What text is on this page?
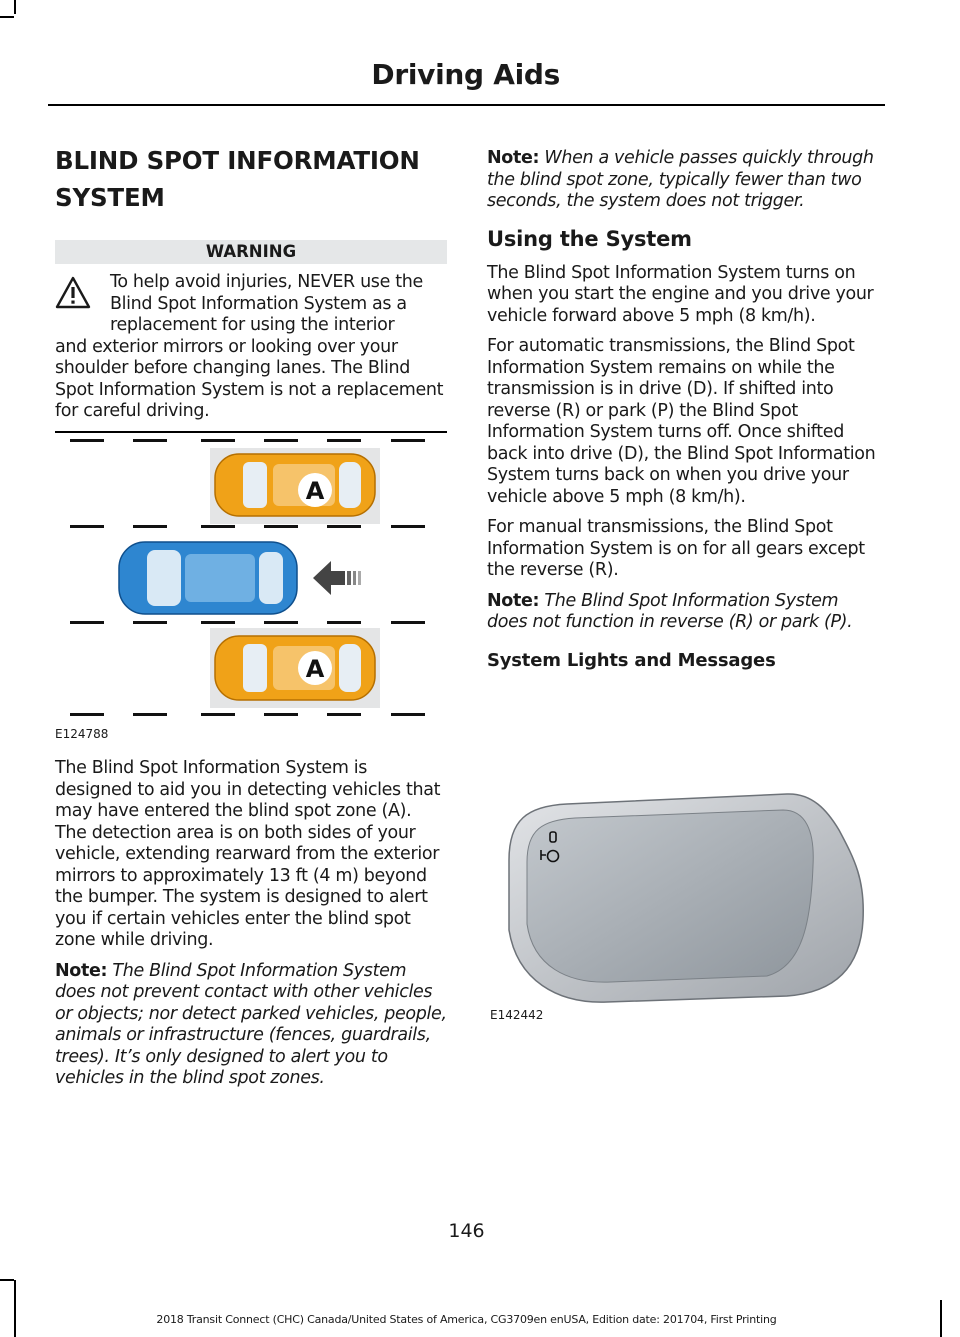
Driving Aids
BLIND SPOT INFORMATION
SYSTEM
WARNING
To help avoid injuries, NEVER use the Blind Spot Information System as a replacement for using the interior
and exterior mirrors or looking over your shoulder before changing lanes. The Blind Spot Information System is not a replacement for careful driving.
A
A
E124788

The Blind Spot Information System is designed to aid you in detecting vehicles that may have entered the blind spot zone (A). The detection area is on both sides of your vehicle, extending rearward from the exterior mirrors to approximately 13 ft (4 m) beyond the bumper. The system is designed to alert you if certain vehicles enter the blind spot zone while driving.

Note: The Blind Spot Information System does not prevent contact with other vehicles or objects; nor detect parked vehicles, people, animals or infrastructure (fences, guardrails, trees). It’s only designed to alert you to vehicles in the blind spot zones.

Note: When a vehicle passes quickly through the blind spot zone, typically fewer than two seconds, the system does not trigger.

Using the System

The Blind Spot Information System turns on when you start the engine and you drive your vehicle forward above 5 mph (8 km/h).

For automatic transmissions, the Blind Spot Information System remains on while the transmission is in drive (D). If shifted into reverse (R) or park (P) the Blind Spot Information System turns off. Once shifted back into drive (D), the Blind Spot Information System turns back on when you drive your vehicle above 5 mph (8 km/h).

For manual transmissions, the Blind Spot Information System is on for all gears except the reverse (R).

Note: The Blind Spot Information System does not function in reverse (R) or park (P).

System Lights and Messages
E142442
146
2018 Transit Connect (CHC) Canada/United States of America, CG3709en enUSA, Edition date: 201704, First Printing
